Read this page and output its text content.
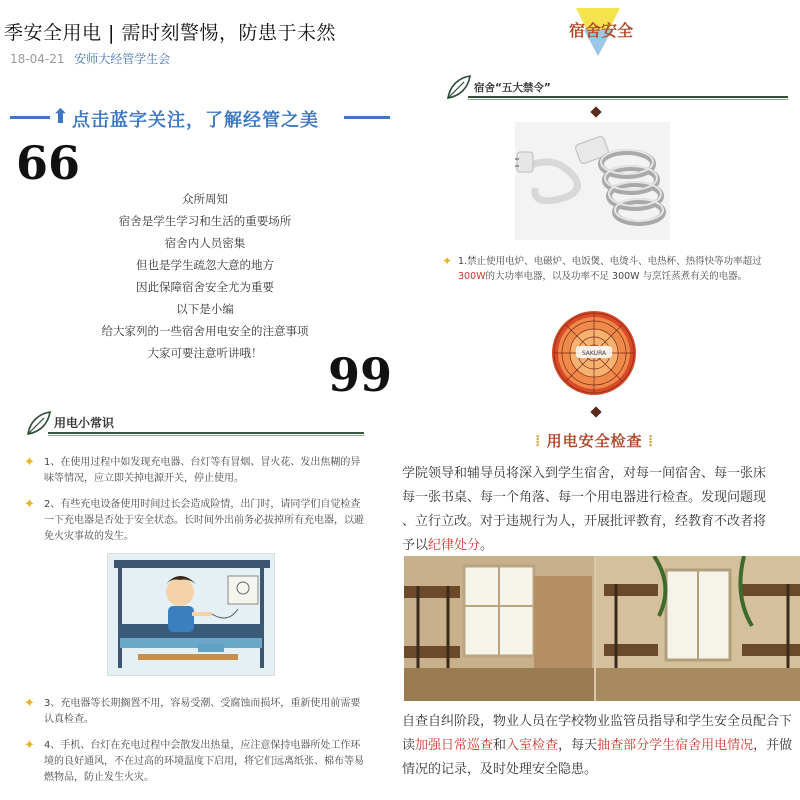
季安全用电 | 需时刻警惕，防患于未然
18-04-21 安师大经管学生会
⬆ 点击蓝字关注，了解经管之美
66
众所周知
宿舍是学生学习和生活的重要场所
宿舍内人员密集
但也是学生疏忽大意的地方
因此保障宿舍安全尤为重要
以下是小编
给大家列的一些宿舍用电安全的注意事项
大家可要注意听讲哦！	99
用电小常识
✦ 1、在使用过程中如发现充电器、台灯等有冒烟、冒火花、发出焦糊的异味等情况，应立即关掉电源开关，停止使用。
✦ 2、有些充电设备使用时间过长会造成险情，出门时，请同学们自觉检查一下充电器是否处于安全状态。长时间外出前务必拔掉所有充电器，以避免火灾事故的发生。
✦ 3、充电器等长期搁置不用，容易受潮、受腐蚀而损坏，重新使用前需要认真检查。
✦ 4、手机、台灯在充电过程中会散发出热量，应注意保持电器所处工作环境的良好通风，不在过高的环境温度下启用，将它们远离纸张、棉布等易燃物品，防止发生火灾。
宿舍安全
宿舍“五大禁令”
✦ 1.禁止使用电炉、电磁炉、电饭煲、电烫斗、电热杯、热得快等功率超过300W的大功率电器，以及功率不足 300W 与烹饪蒸煮有关的电器。
SAKURA
⦙ 用电安全检查 ⦙
学院领导和辅导员将深入到学生宿舍，对每一间宿舍、每一张床
每一张书桌、每一个角落、每一个用电器进行检查。发现问题现
、立行立改。对于违规行为人，开展批评教育，经教育不改者将
予以纪律处分。
自查自纠阶段，物业人员在学校物业监管员指导和学生安全员配合下
读加强日常巡查和入室检查，每天抽查部分学生宿舍用电情况，并做
情况的记录，及时处理安全隐患。
